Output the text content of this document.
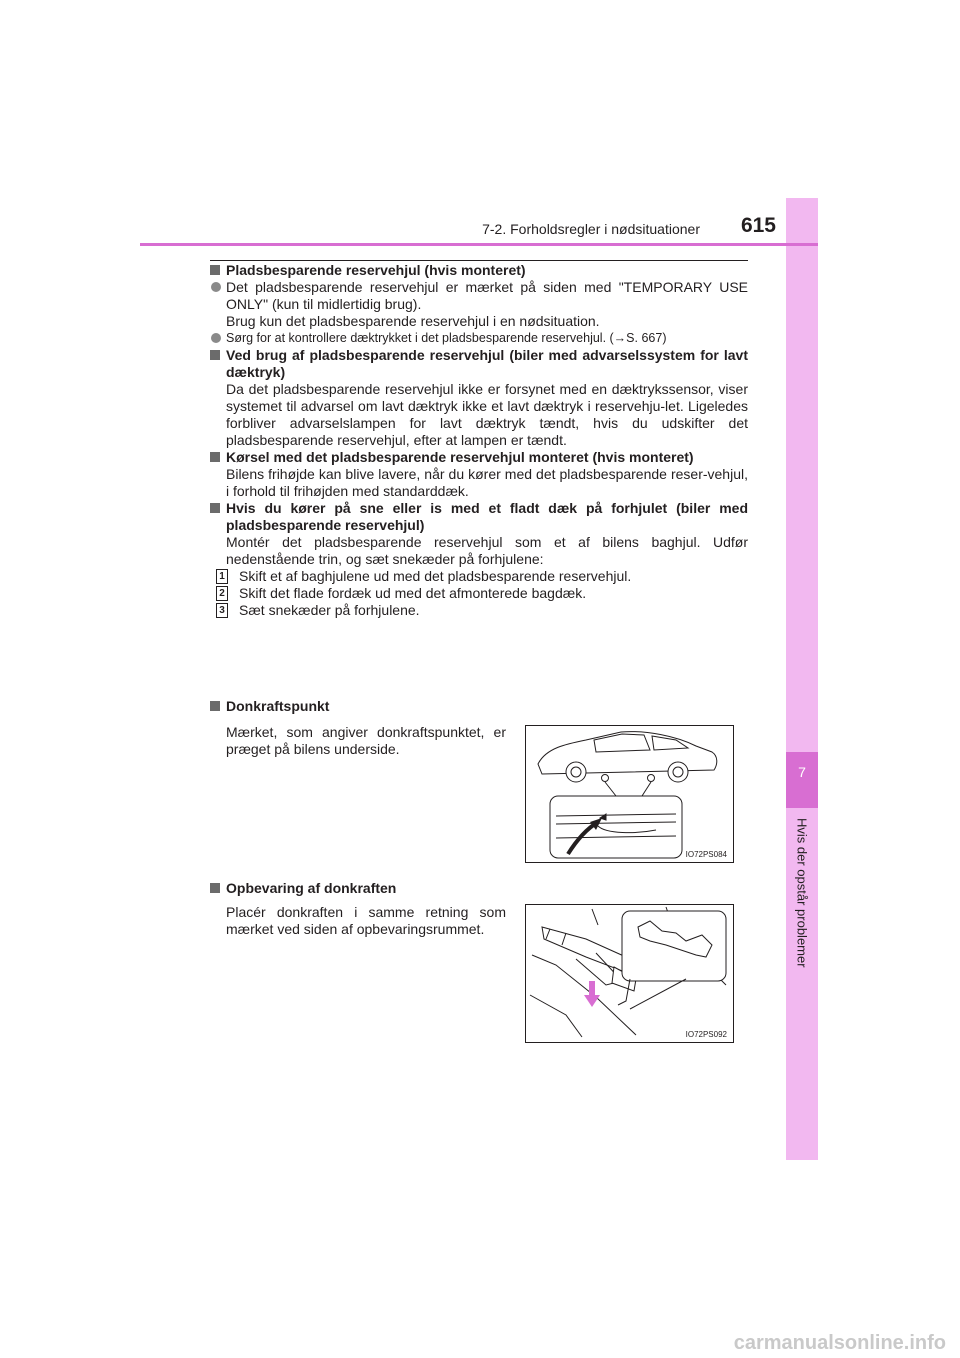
7
Hvis der opstår problemer
7-2. Forholdsregler i nødsituationer	615

Pladsbesparende reservehjul (hvis monteret)

Det pladsbesparende reservehjul er mærket på siden med "TEMPORARY USE ONLY" (kun til midlertidig brug).
Brug kun det pladsbesparende reservehjul i en nødsituation.

Sørg for at kontrollere dæktrykket i det pladsbesparende reservehjul. (→S. 667)

Ved brug af pladsbesparende reservehjul (biler med advarselssystem for lavt dæktryk)

Da det pladsbesparende reservehjul ikke er forsynet med en dæktrykssensor, viser systemet til advarsel om lavt dæktryk ikke et lavt dæktryk i reservehju-let. Ligeledes forbliver advarselslampen for lavt dæktryk tændt, hvis du udskifter det pladsbesparende reservehjul, efter at lampen er tændt.

Kørsel med det pladsbesparende reservehjul monteret (hvis monteret)

Bilens frihøjde kan blive lavere, når du kører med det pladsbesparende reser-vehjul, i forhold til frihøjden med standarddæk.

Hvis du kører på sne eller is med et fladt dæk på forhjulet (biler med pladsbesparende reservehjul)

Montér det pladsbesparende reservehjul som et af bilens baghjul. Udfør nedenstående trin, og sæt snekæder på forhjulene:

1 Skift et af baghjulene ud med det pladsbesparende reservehjul.

2 Skift det flade fordæk ud med det afmonterede bagdæk.

3 Sæt snekæder på forhjulene.

Donkraftspunkt
Mærket, som angiver donkraftspunktet, er præget på bilens underside.
IO72PS084
Opbevaring af donkraften
Placér donkraften i samme retning som mærket ved siden af opbevaringsrummet.
IO72PS092
carmanualsonline.info
